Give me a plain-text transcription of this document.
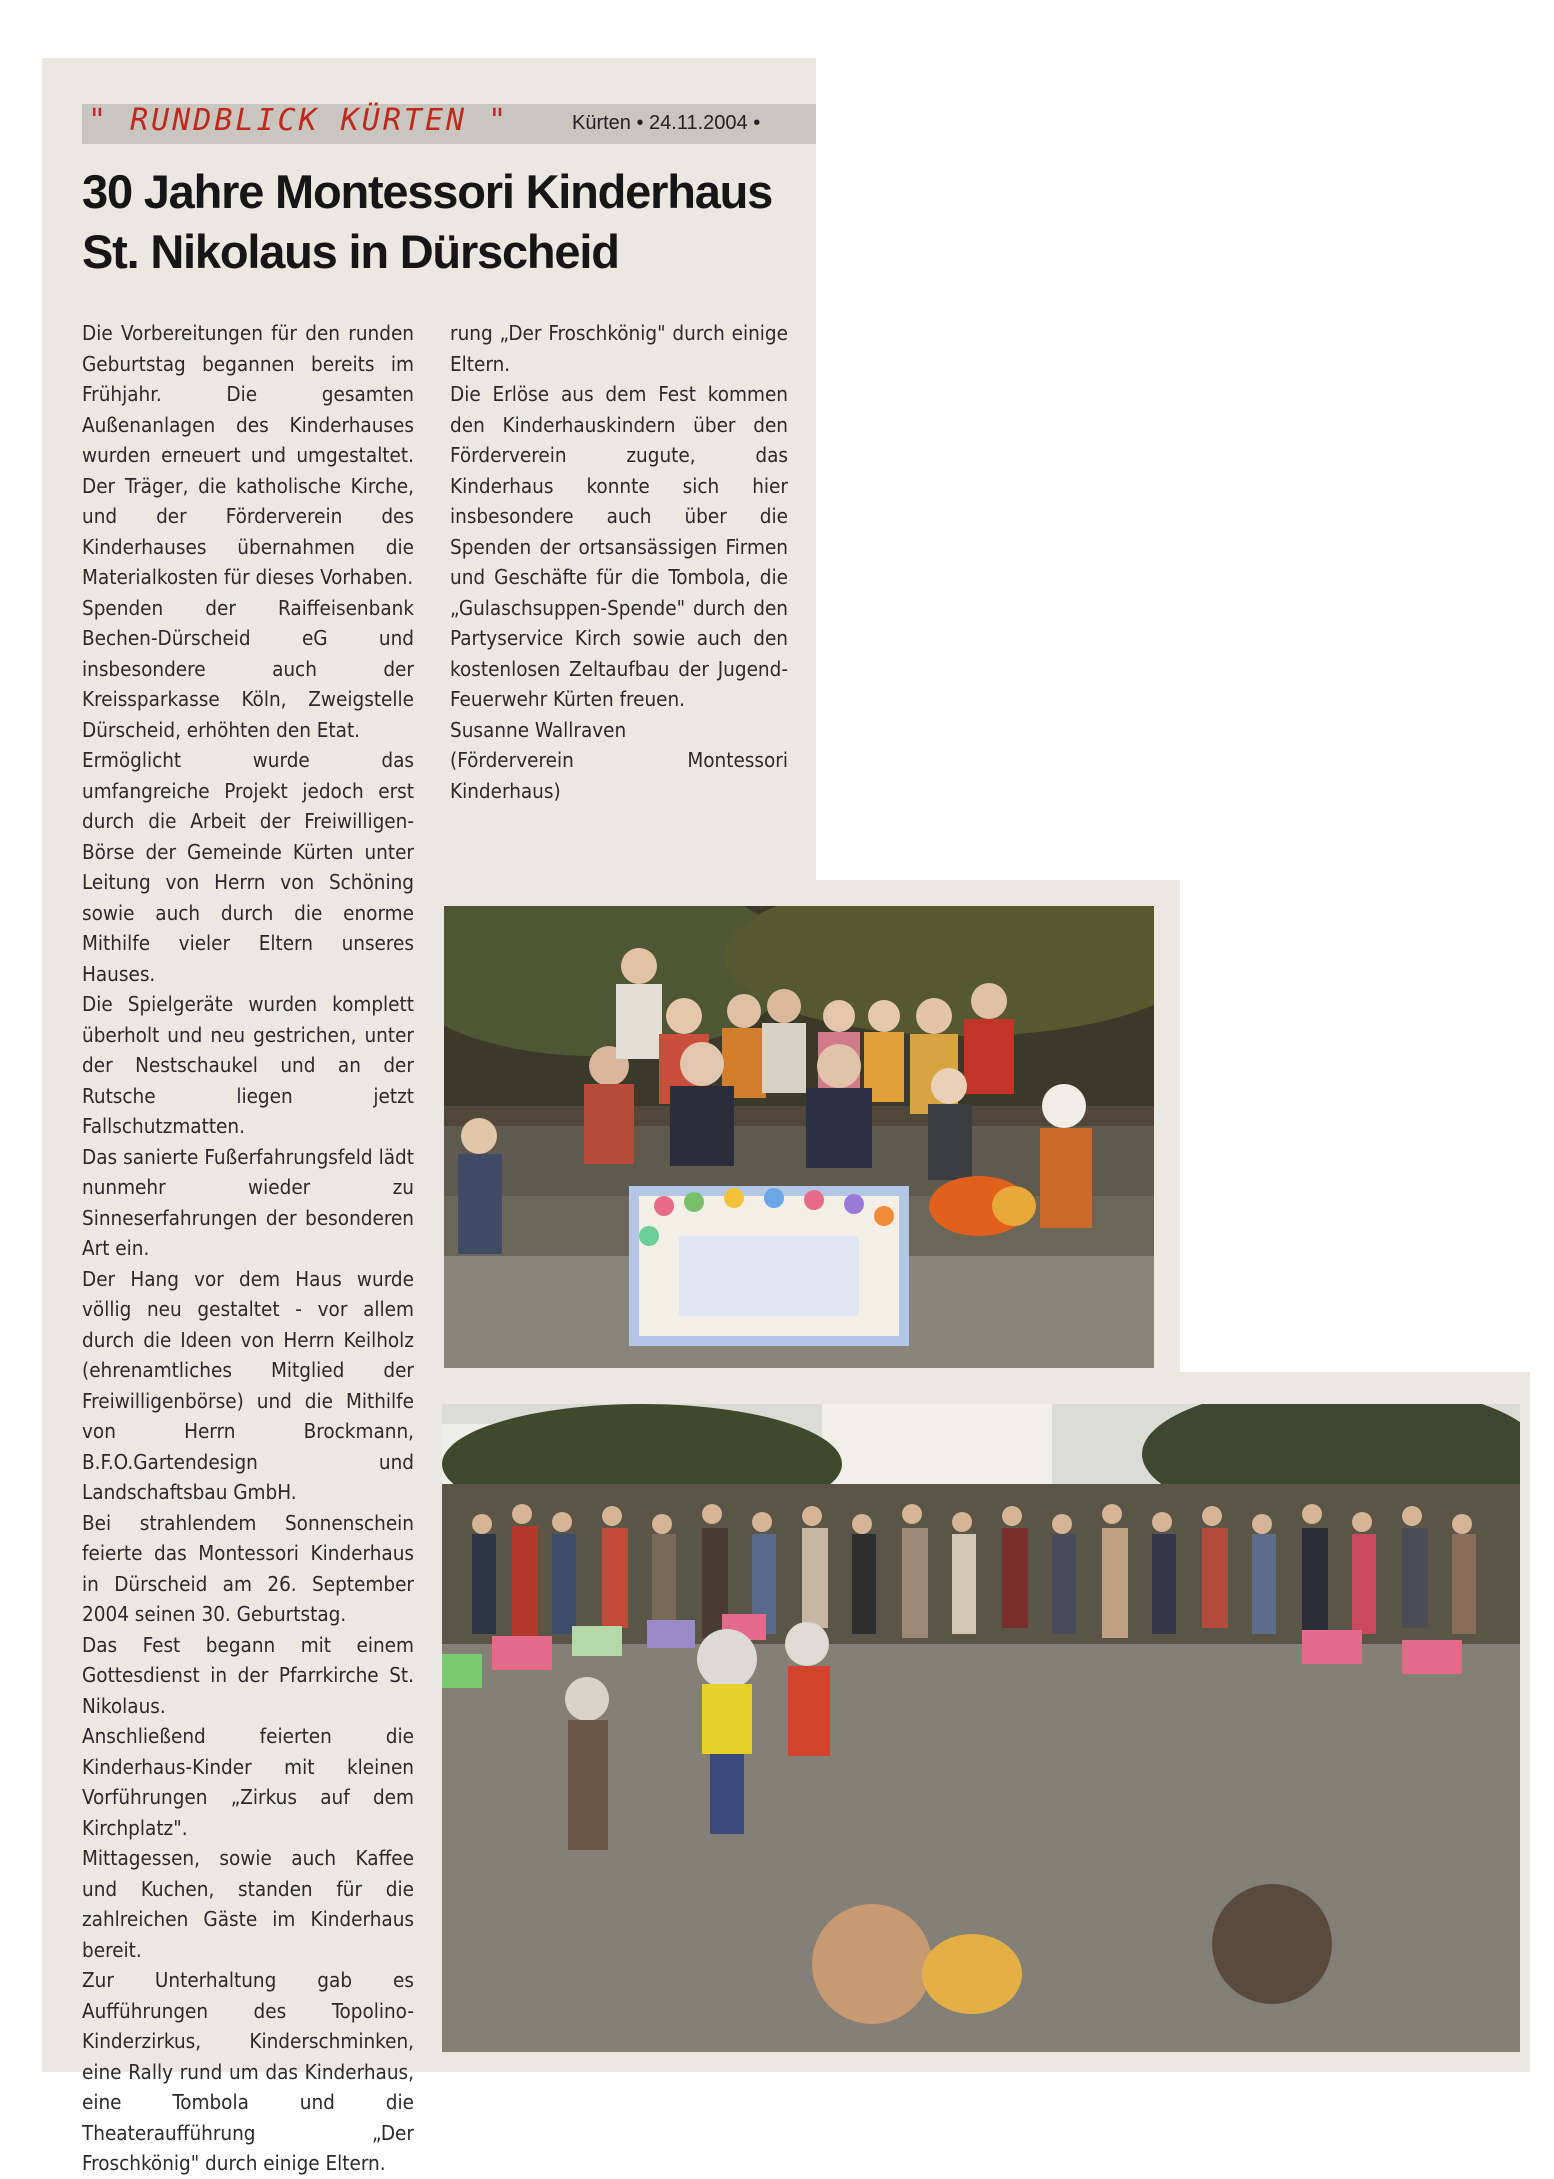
" RUNDBLICK KÜRTEN "	Kürten • 24.11.2004 •
30 Jahre Montessori Kinderhaus St. Nikolaus in Dürscheid

Die Vorbereitungen für den runden Geburtstag begannen bereits im Frühjahr. Die gesamten Außenanlagen des Kinderhauses wurden erneuert und umgestaltet. Der Träger, die katholische Kirche, und der Förderverein des Kinderhauses übernahmen die Materialkosten für dieses Vorhaben.

Spenden der Raiffeisenbank Bechen-Dürscheid eG und insbesondere auch der Kreissparkasse Köln, Zweigstelle Dürscheid, erhöhten den Etat.

Ermöglicht wurde das umfangreiche Projekt jedoch erst durch die Arbeit der Freiwilligen-Börse der Gemeinde Kürten unter Leitung von Herrn von Schöning sowie auch durch die enorme Mithilfe vieler Eltern unseres Hauses.

Die Spielgeräte wurden komplett überholt und neu gestrichen, unter der Nestschaukel und an der Rutsche liegen jetzt Fallschutzmatten.

Das sanierte Fußerfahrungsfeld lädt nunmehr wieder zu Sinneserfahrungen der besonderen Art ein.

Der Hang vor dem Haus wurde völlig neu gestaltet - vor allem durch die Ideen von Herrn Keilholz (ehrenamtliches Mitglied der Freiwilligenbörse) und die Mithilfe von Herrn Brockmann, B.F.O.Gartendesign und Landschaftsbau GmbH.

Bei strahlendem Sonnenschein feierte das Montessori Kinderhaus in Dürscheid am 26. September 2004 seinen 30. Geburtstag.

Das Fest begann mit einem Gottesdienst in der Pfarrkirche St. Nikolaus.

Anschließend feierten die Kinderhaus-Kinder mit kleinen Vorführungen „Zirkus auf dem Kirchplatz".

Mittagessen, sowie auch Kaffee und Kuchen, standen für die zahlreichen Gäste im Kinderhaus bereit.

Zur Unterhaltung gab es Aufführungen des Topolino-Kinderzirkus, Kinderschminken, eine Rally rund um das Kinderhaus, eine Tombola und die Theateraufführung „Der Froschkönig" durch einige Eltern.

rung „Der Froschkönig" durch einige Eltern.

Die Erlöse aus dem Fest kommen den Kinderhauskindern über den Förderverein zugute, das Kinderhaus konnte sich hier insbesondere auch über die Spenden der ortsansässigen Firmen und Geschäfte für die Tombola, die „Gulaschsuppen-Spende" durch den Partyservice Kirch sowie auch den kostenlosen Zeltaufbau der Jugend-Feuerwehr Kürten freuen.

Susanne Wallraven

(Förderverein Montessori Kinderhaus)
